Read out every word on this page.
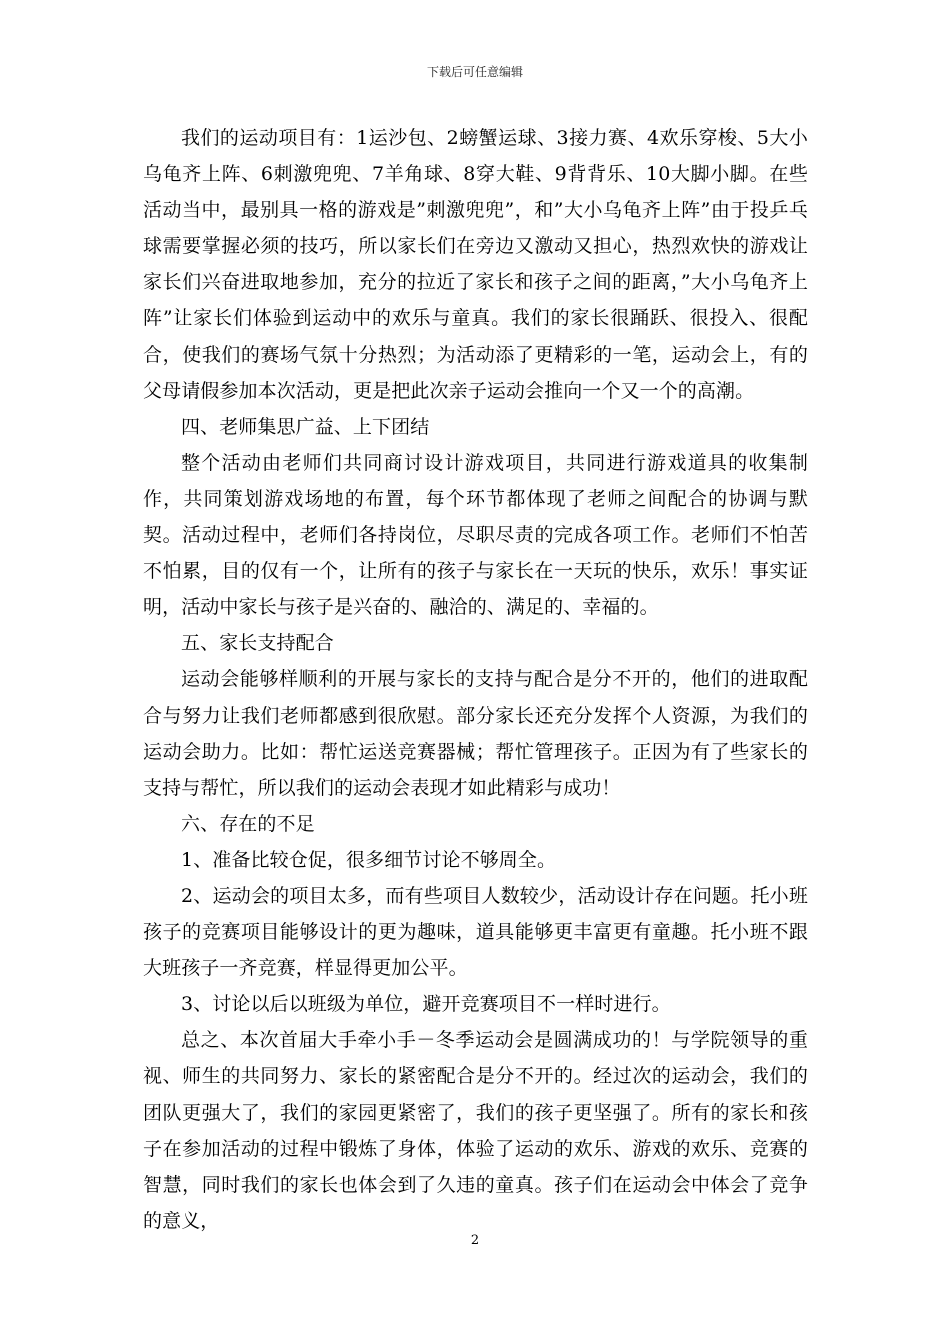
下载后可任意编辑

我们的运动项目有：1运沙包、2螃蟹运球、3接力赛、4欢乐穿梭、5大小乌龟齐上阵、6刺激兜兜、7羊角球、8穿大鞋、9背背乐、10大脚小脚。在些活动当中，最别具一格的游戏是”刺激兜兜”，和”大小乌龟齐上阵”由于投乒乓球需要掌握必须的技巧，所以家长们在旁边又激动又担心，热烈欢快的游戏让家长们兴奋进取地参加，充分的拉近了家长和孩子之间的距离，”大小乌龟齐上阵”让家长们体验到运动中的欢乐与童真。我们的家长很踊跃、很投入、很配合，使我们的赛场气氛十分热烈；为活动添了更精彩的一笔，运动会上，有的父母请假参加本次活动，更是把此次亲子运动会推向一个又一个的高潮。

四、老师集思广益、上下团结

整个活动由老师们共同商讨设计游戏项目，共同进行游戏道具的收集制作，共同策划游戏场地的布置，每个环节都体现了老师之间配合的协调与默契。活动过程中，老师们各持岗位，尽职尽责的完成各项工作。老师们不怕苦不怕累，目的仅有一个，让所有的孩子与家长在一天玩的快乐，欢乐！事实证明，活动中家长与孩子是兴奋的、融洽的、满足的、幸福的。

五、家长支持配合

运动会能够样顺利的开展与家长的支持与配合是分不开的，他们的进取配合与努力让我们老师都感到很欣慰。部分家长还充分发挥个人资源，为我们的运动会助力。比如：帮忙运送竞赛器械；帮忙管理孩子。正因为有了些家长的支持与帮忙，所以我们的运动会表现才如此精彩与成功！

六、存在的不足

1、准备比较仓促，很多细节讨论不够周全。

2、运动会的项目太多，而有些项目人数较少，活动设计存在问题。托小班孩子的竞赛项目能够设计的更为趣味，道具能够更丰富更有童趣。托小班不跟大班孩子一齐竞赛，样显得更加公平。

3、讨论以后以班级为单位，避开竞赛项目不一样时进行。

总之、本次首届大手牵小手－冬季运动会是圆满成功的！与学院领导的重视、师生的共同努力、家长的紧密配合是分不开的。经过次的运动会，我们的团队更强大了，我们的家园更紧密了，我们的孩子更坚强了。所有的家长和孩子在参加活动的过程中锻炼了身体，体验了运动的欢乐、游戏的欢乐、竞赛的智慧，同时我们的家长也体会到了久违的童真。孩子们在运动会中体会了竞争的意义，

2
